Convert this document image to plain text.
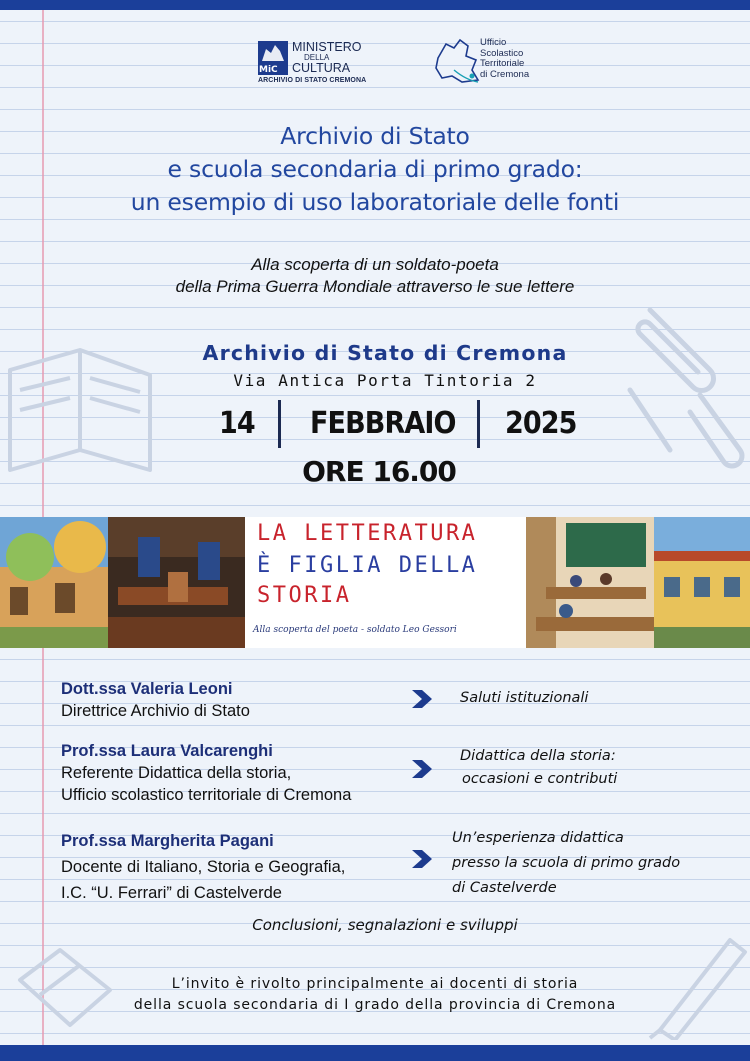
MiC
MINISTERO
DELLA
CULTURA
ARCHIVIO DI STATO CREMONA
Ufficio
Scolastico
Territoriale
di Cremona
Archivio di Stato
e scuola secondaria di primo grado:
un esempio di uso laboratoriale delle fonti
Alla scoperta di un soldato-poeta
della Prima Guerra Mondiale attraverso le sue lettere
Archivio di Stato di Cremona
Via Antica Porta Tintoria 2
14 FEBBRAIO 2025
ORE 16.00
LA LETTERATURA
È FIGLIA DELLA
STORIA
Alla scoperta del poeta - soldato Leo Gessori
Dott.ssa Valeria Leoni
Direttrice Archivio di Stato
Saluti istituzionali
Prof.ssa Laura Valcarenghi
Referente Didattica della storia,
Ufficio scolastico territoriale di Cremona
Didattica della storia:
occasioni e contributi
Prof.ssa Margherita Pagani
Docente di Italiano, Storia e Geografia,
I.C. “U. Ferrari” di Castelverde
Un’esperienza didattica
presso la scuola di primo grado
di Castelverde
Conclusioni, segnalazioni e sviluppi
L’invito è rivolto principalmente ai docenti di storia
della scuola secondaria di I grado della provincia di Cremona
